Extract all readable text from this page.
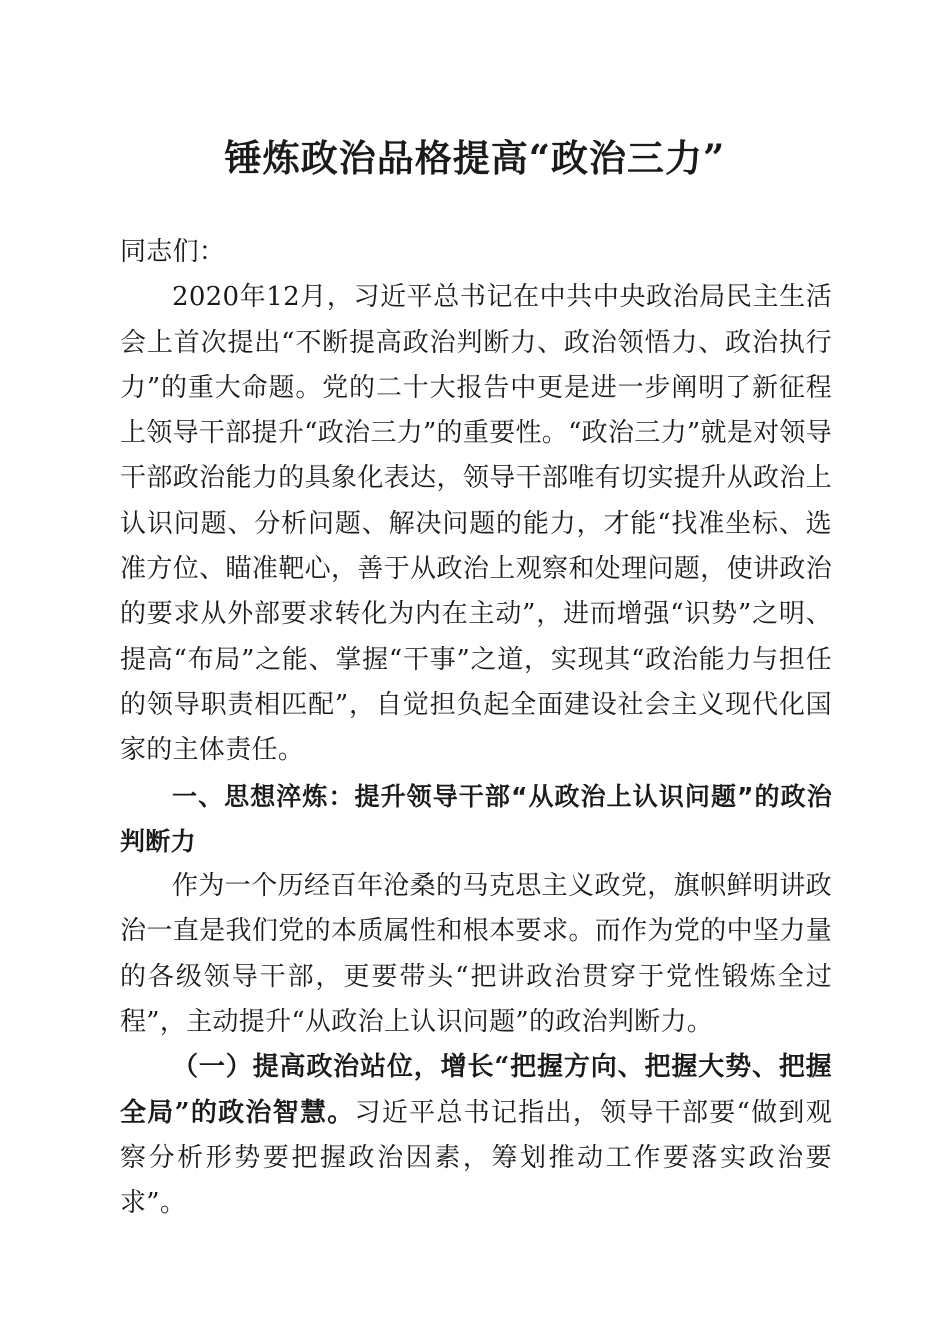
锤炼政治品格提高“政治三力”

同志们：

2020年12月，习近平总书记在中共中央政治局民主生活会上首次提出“不断提高政治判断力、政治领悟力、政治执行力”的重大命题。党的二十大报告中更是进一步阐明了新征程上领导干部提升“政治三力”的重要性。“政治三力”就是对领导干部政治能力的具象化表达，领导干部唯有切实提升从政治上认识问题、分析问题、解决问题的能力，才能“找准坐标、选准方位、瞄准靶心，善于从政治上观察和处理问题，使讲政治的要求从外部要求转化为内在主动”，进而增强“识势”之明、提高“布局”之能、掌握“干事”之道，实现其“政治能力与担任的领导职责相匹配”，自觉担负起全面建设社会主义现代化国家的主体责任。

一、思想淬炼：提升领导干部“从政治上认识问题”的政治判断力

作为一个历经百年沧桑的马克思主义政党，旗帜鲜明讲政治一直是我们党的本质属性和根本要求。而作为党的中坚力量的各级领导干部，更要带头“把讲政治贯穿于党性锻炼全过程”，主动提升“从政治上认识问题”的政治判断力。

（一）提高政治站位，增长“把握方向、把握大势、把握全局”的政治智慧。习近平总书记指出，领导干部要“做到观察分析形势要把握政治因素，筹划推动工作要落实政治要求”。
